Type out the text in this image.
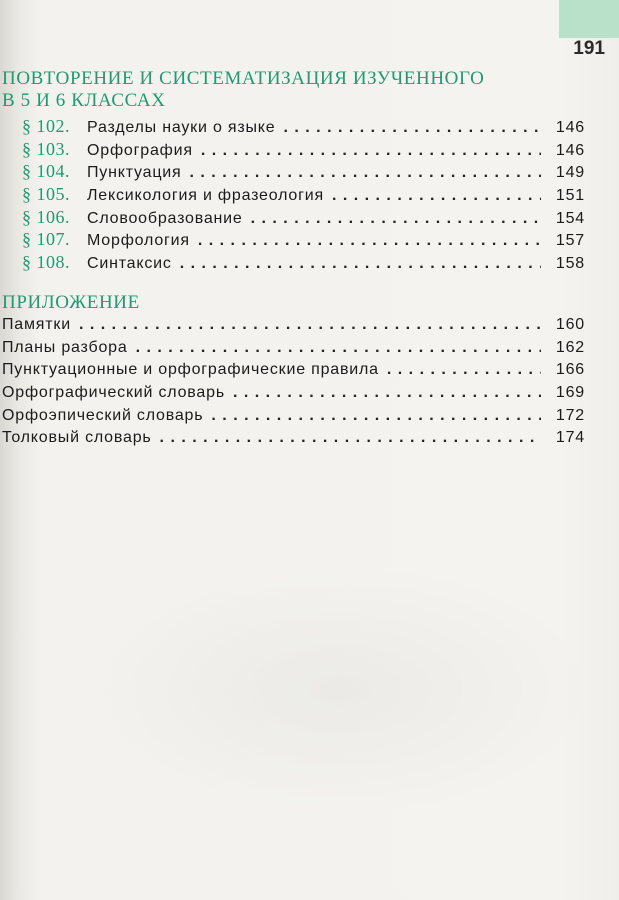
191
ПОВТОРЕНИЕ И СИСТЕМАТИЗАЦИЯ ИЗУЧЕННОГО
В 5 И 6 КЛАССАХ
§ 102.	Разделы науки о языке . . .	146
§ 103.	Орфография . . .	146
§ 104.	Пунктуация . . .	149
§ 105.	Лексикология и фразеология . . .	151
§ 106.	Словообразование . . .	154
§ 107.	Морфология . . .	157
§ 108.	Синтаксис . . .	158
ПРИЛОЖЕНИЕ
Памятки . . .	160
Планы разбора . . .	162
Пунктуационные и орфографические правила . . .	166
Орфографический словарь . . .	169
Орфоэпический словарь . . .	172
Толковый словарь . . .	174
